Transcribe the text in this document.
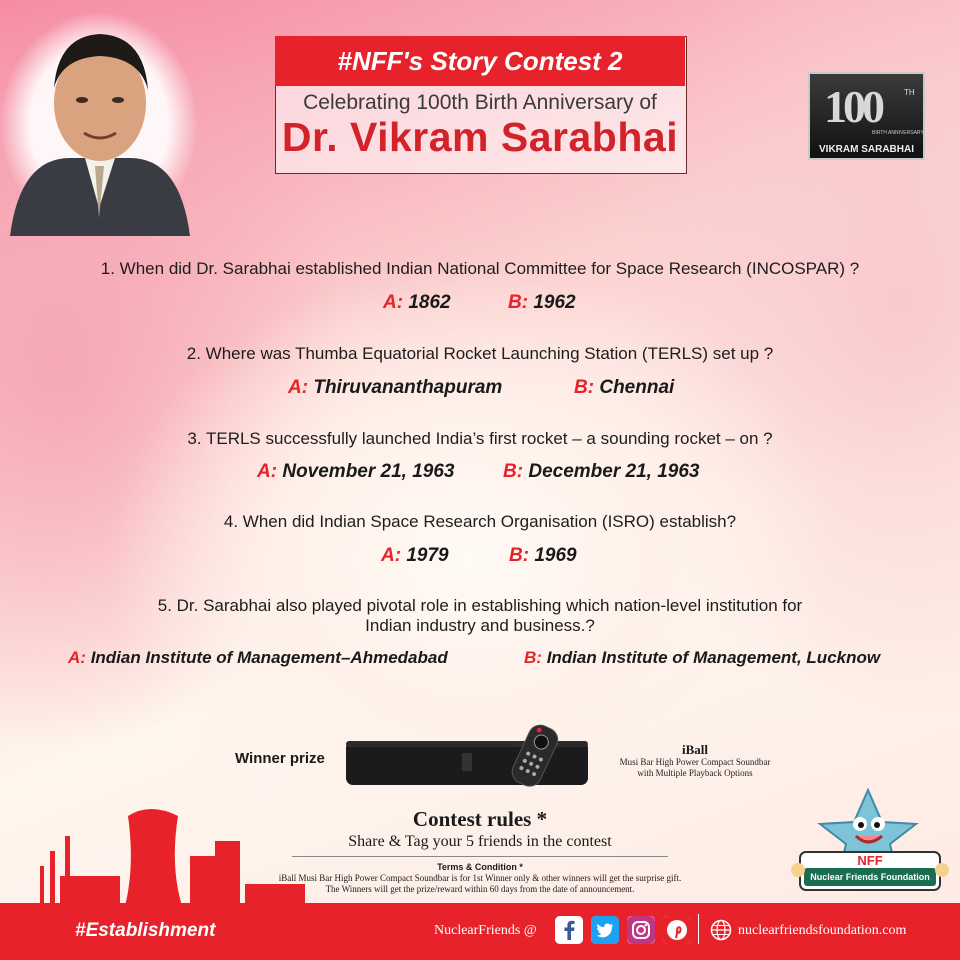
#NFF's Story Contest 2
Celebrating 100th Birth Anniversary of
Dr. Vikram Sarabhai
100	TH
BIRTH ANNIVERSARY
VIKRAM SARABHAI
1. When did Dr. Sarabhai established Indian National Committee for Space Research (INCOSPAR) ?
A: 1862	B: 1962
2. Where was Thumba Equatorial Rocket Launching Station (TERLS) set up ?
A: Thiruvananthapuram	B: Chennai
3. TERLS successfully launched India’s first rocket – a sounding rocket – on ?
A: November 21, 1963	B: December 21, 1963
4. When did Indian Space Research Organisation (ISRO) establish?
A: 1979	B: 1969
5. Dr. Sarabhai also played pivotal role in establishing which nation-level institution for
Indian industry and business.?
A: Indian Institute of Management–Ahmedabad	B: Indian Institute of Management, Lucknow
Winner prize
iBall
Musi Bar High Power Compact Soundbar
with Multiple Playback Options
Contest rules *
Share & Tag your 5 friends in the contest
Terms & Condition *
iBall Musi Bar High Power Compact Soundbar is for 1st Winner only & other winners will get the surprise gift.
The Winners will get the prize/reward within 60 days from the date of announcement.
NFF
Nuclear Friends Foundation
#Establishment	NuclearFriends @	nuclearfriendsfoundation.com
